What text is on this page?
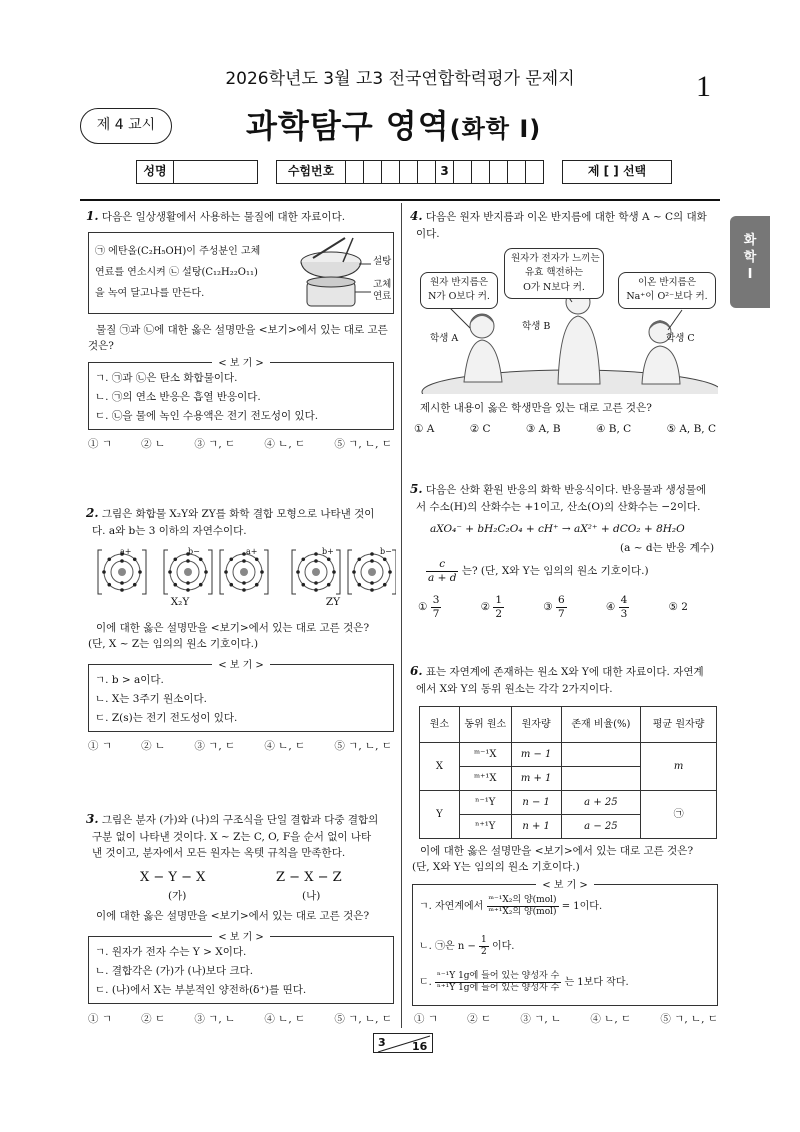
2026학년도 3월 고3 전국연합학력평가 문제지	1
제 4 교시	과학탐구 영역(화학 Ⅰ)
성명	수험번호	3	제 [ ] 선택
화
학
Ⅰ
1. 다음은 일상생활에서 사용하는 물질에 대한 자료이다.
㉠ 에탄올(C₂H₅OH)이 주성분인 고체
연료를 연소시켜 ㉡ 설탕(C₁₂H₂₂O₁₁)
을 녹여 달고나를 만든다.
설탕
고체
연료
물질 ㉠과 ㉡에 대한 옳은 설명만을 <보기>에서 있는 대로 고른 것은?
< 보 기 >
ㄱ. ㉠과 ㉡은 탄소 화합물이다.
ㄴ. ㉠의 연소 반응은 흡열 반응이다.
ㄷ. ㉡을 물에 녹인 수용액은 전기 전도성이 있다.
① ㄱ	② ㄴ	③ ㄱ, ㄷ	④ ㄴ, ㄷ	⑤ ㄱ, ㄴ, ㄷ
2. 그림은 화합물 X₂Y와 ZY를 화학 결합 모형으로 나타낸 것이
다. a와 b는 3 이하의 자연수이다.
X₂Y	ZY
a+	b−	a+	b+	b−
이에 대한 옳은 설명만을 <보기>에서 있는 대로 고른 것은?
(단, X ~ Z는 임의의 원소 기호이다.)
< 보 기 >
ㄱ. b > a이다.
ㄴ. X는 3주기 원소이다.
ㄷ. Z(s)는 전기 전도성이 있다.
① ㄱ	② ㄴ	③ ㄱ, ㄷ	④ ㄴ, ㄷ	⑤ ㄱ, ㄴ, ㄷ
3. 그림은 분자 (가)와 (나)의 구조식을 단일 결합과 다중 결합의
구분 없이 나타낸 것이다. X ~ Z는 C, O, F을 순서 없이 나타
낸 것이고, 분자에서 모든 원자는 옥텟 규칙을 만족한다.
X − Y − X	Z − X − Z
(가)	(나)
이에 대한 옳은 설명만을 <보기>에서 있는 대로 고른 것은?
< 보 기 >
ㄱ. 원자가 전자 수는 Y > X이다.
ㄴ. 결합각은 (가)가 (나)보다 크다.
ㄷ. (나)에서 X는 부분적인 양전하(δ⁺)를 띤다.
① ㄱ	② ㄷ	③ ㄱ, ㄴ	④ ㄴ, ㄷ	⑤ ㄱ, ㄴ, ㄷ
4. 다음은 원자 반지름과 이온 반지름에 대한 학생 A ~ C의 대화
이다.
원자 반지름은
N가 O보다 커.
원자가 전자가 느끼는
유효 핵전하는
O가 N보다 커.	이온 반지름은
Na⁺이 O²⁻보다 커.
학생 A
학생 B
학생 C
제시한 내용이 옳은 학생만을 있는 대로 고른 것은?
① A	② C	③ A, B	④ B, C	⑤ A, B, C
5. 다음은 산화 환원 반응의 화학 반응식이다. 반응물과 생성물에
서 수소(H)의 산화수는 +1이고, 산소(O)의 산화수는 −2이다.
aXO₄⁻ + bH₂C₂O₄ + cH⁺ → aX²⁺ + dCO₂ + 8H₂O
(a ~ d는 반응 계수)
$\frac{c}{a + d}$ 는? (단, X와 Y는 임의의 원소 기호이다.)
① $\frac{3}{7}$	② $\frac{1}{2}$	③ $\frac{6}{7}$	④ $\frac{4}{3}$	⑤ 2
6. 표는 자연계에 존재하는 원소 X와 Y에 대한 자료이다. 자연계
에서 X와 Y의 동위 원소는 각각 2가지이다.
원소	동위 원소	원자량	존재 비율(%)	평균 원자량
X	ᵐ⁻¹X	m − 1		m
	ᵐ⁺¹X	m + 1		
Y	ⁿ⁻¹Y	n − 1	a + 25	㉠
	ⁿ⁺¹Y	n + 1	a − 25	
이에 대한 옳은 설명만을 <보기>에서 있는 대로 고른 것은?
(단, X와 Y는 임의의 원소 기호이다.)
< 보 기 >
ㄱ. 자연계에서 $\frac{\text{ᵐ⁻¹X₂의 양(mol)}}{\text{ᵐ⁺¹X₂의 양(mol)}} = 1$이다.
ㄴ. ㉠은 $n - \frac{1}{2}$ 이다.
ㄷ. $\frac{\text{ⁿ⁻¹Y 1g에 들어 있는 양성자 수}}{\text{ⁿ⁺¹Y 1g에 들어 있는 양성자 수}}$ 는 1보다 작다.
① ㄱ	② ㄷ	③ ㄱ, ㄴ	④ ㄴ, ㄷ	⑤ ㄱ, ㄴ, ㄷ
3 16
